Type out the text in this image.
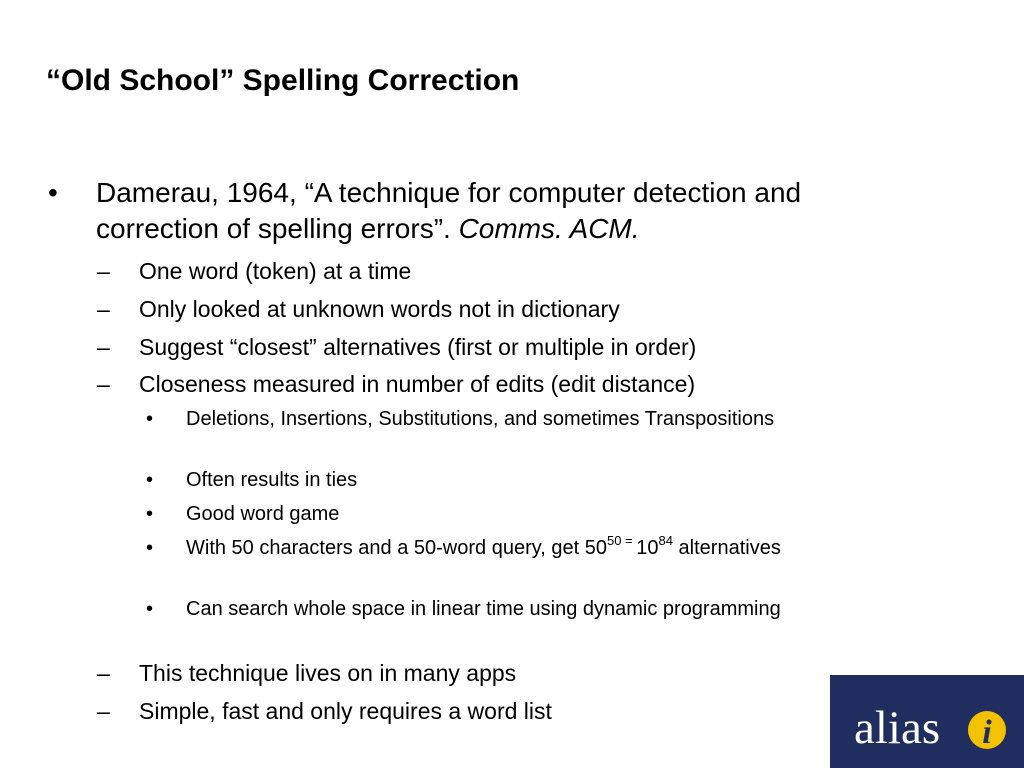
“Old School” Spelling Correction
• Damerau, 1964, “A technique for computer detection and correction of spelling errors”. Comms. ACM.
– One word (token) at a time
– Only looked at unknown words not in dictionary
– Suggest “closest” alternatives (first or multiple in order)
– Closeness measured in number of edits (edit distance)
• Deletions, Insertions, Substitutions, and sometimes Transpositions
• Often results in ties
• Good word game
• With 50 characters and a 50-word query, get $50^{50}$ = $10^{84}$ alternatives
• Can search whole space in linear time using dynamic programming
– This technique lives on in many apps
– Simple, fast and only requires a word list	alias i
